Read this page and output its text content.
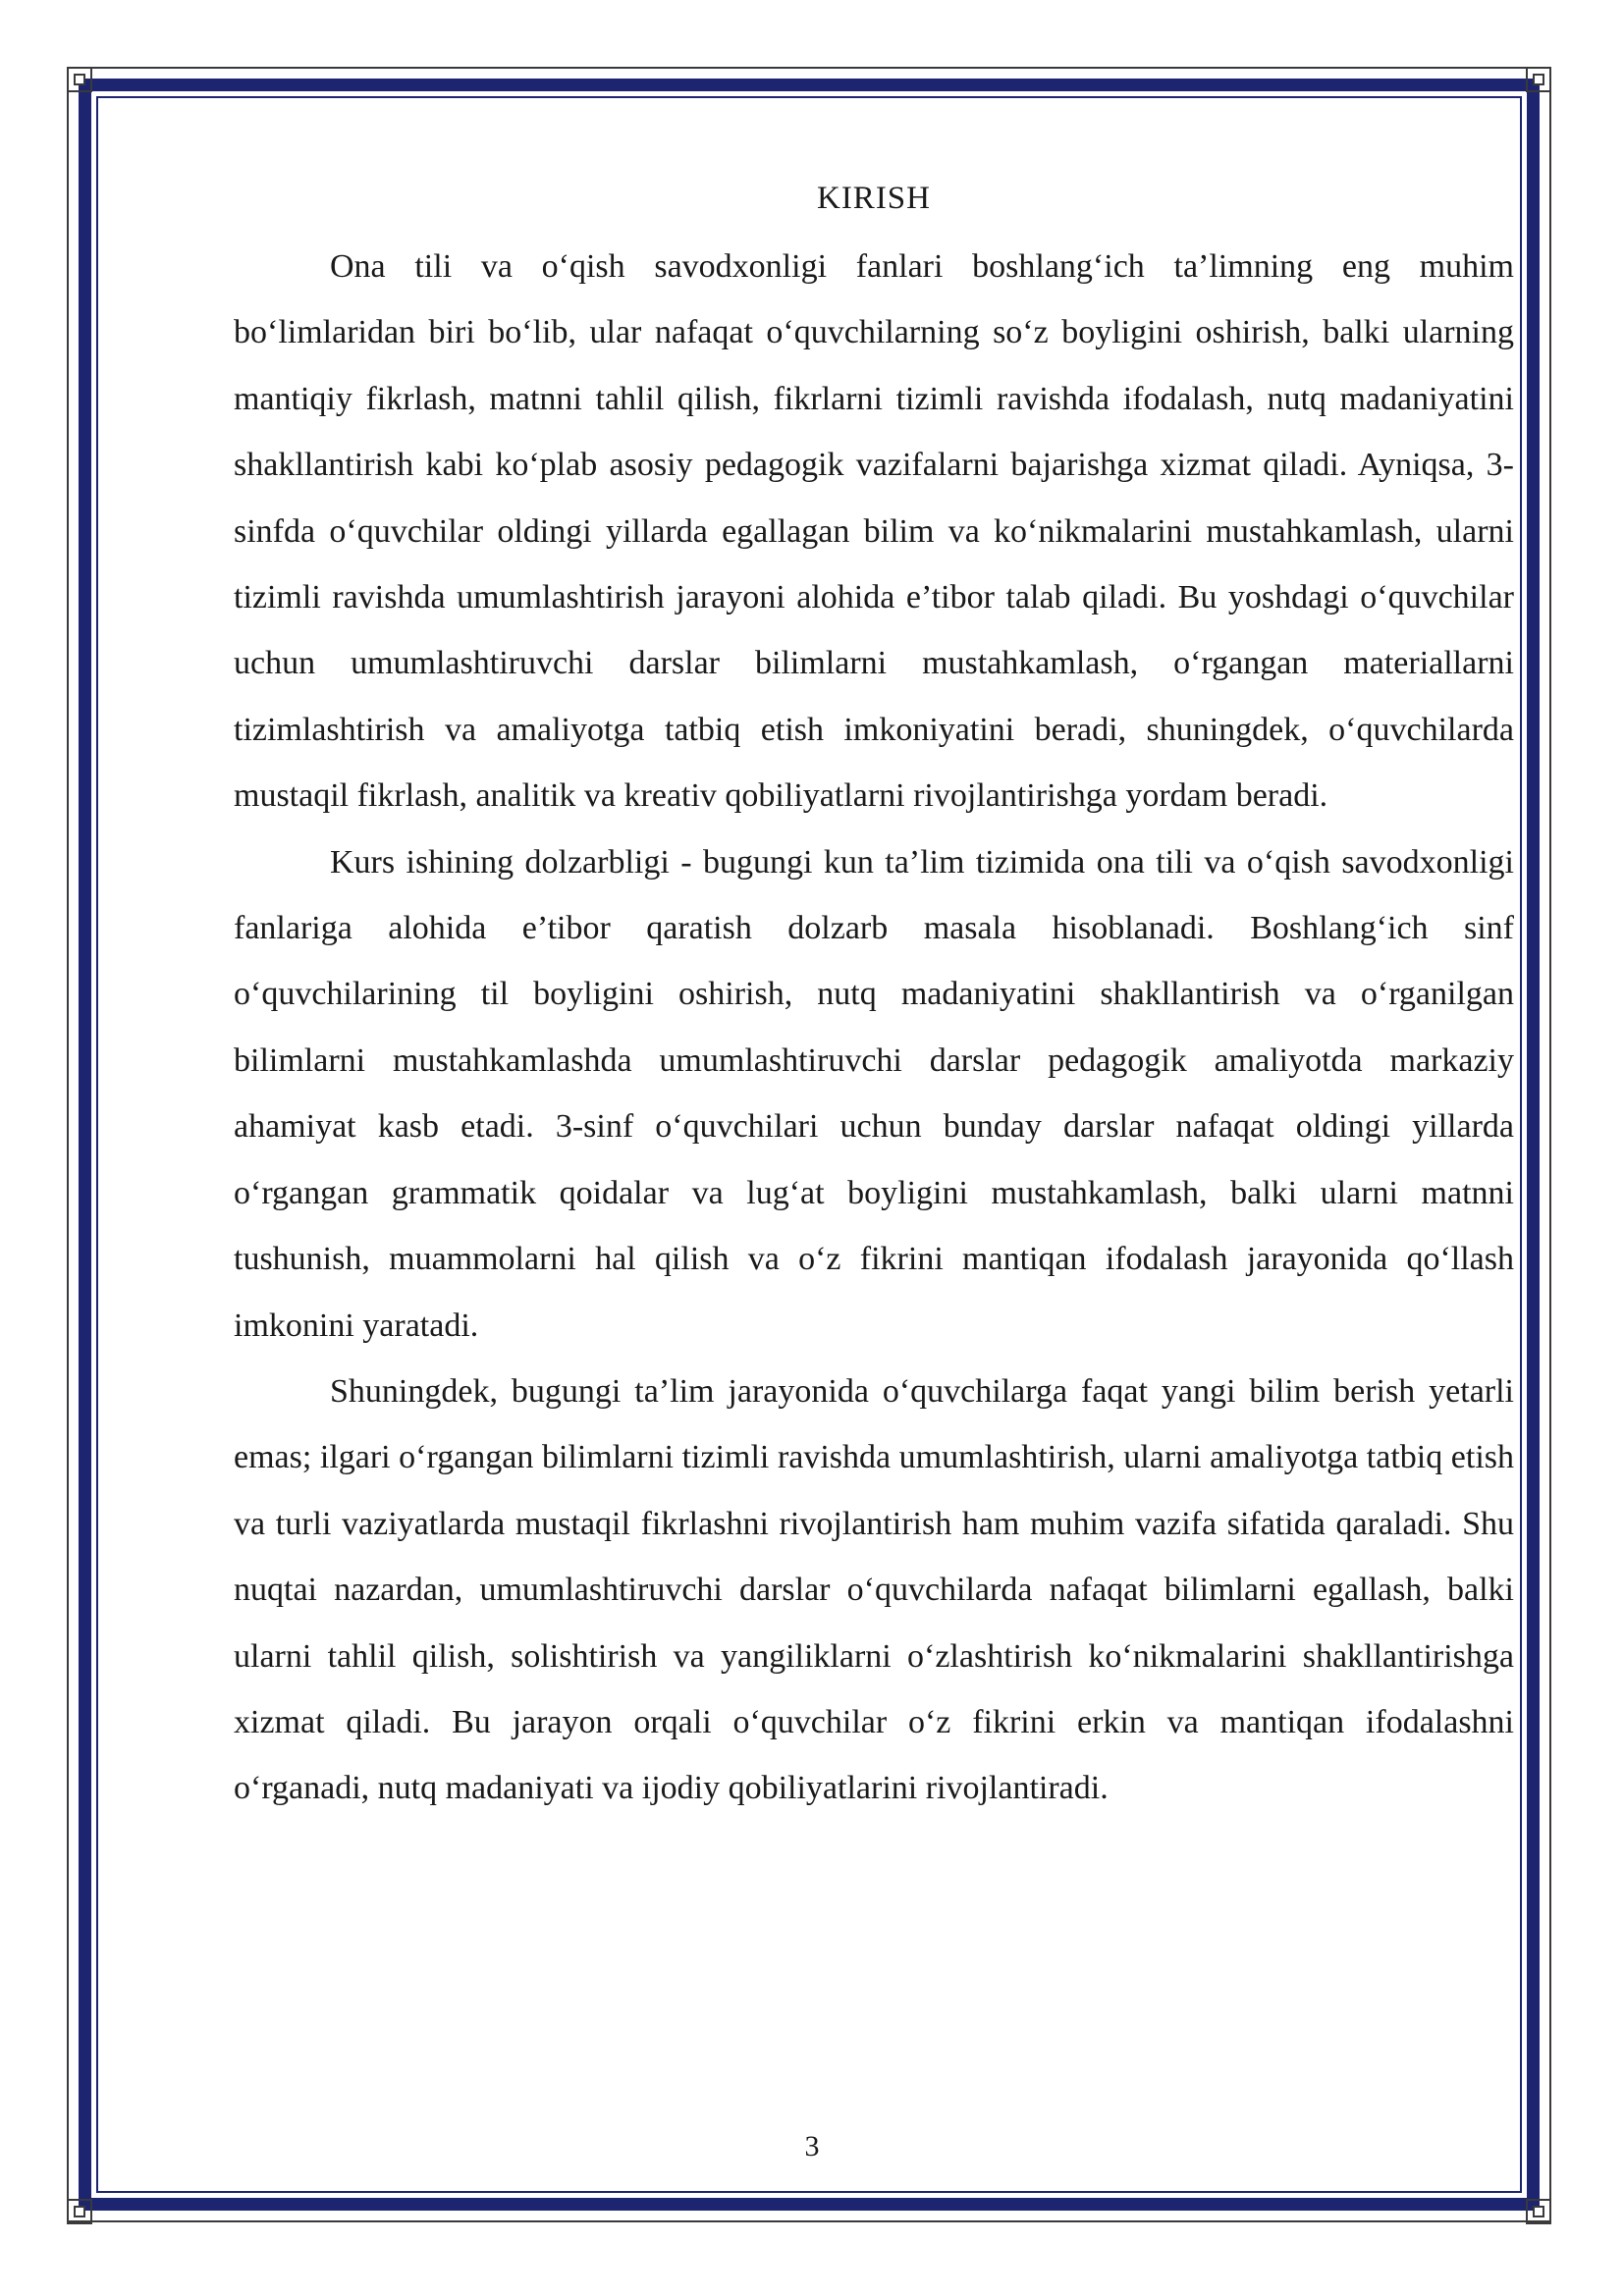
KIRISH

Ona tili va o‘qish savodxonligi fanlari boshlang‘ich ta’limning eng muhim bo‘limlaridan biri bo‘lib, ular nafaqat o‘quvchilarning so‘z boyligini oshirish, balki ularning mantiqiy fikrlash, matnni tahlil qilish, fikrlarni tizimli ravishda ifodalash, nutq madaniyatini shakllantirish kabi ko‘plab asosiy pedagogik vazifalarni bajarishga xizmat qiladi. Ayniqsa, 3-sinfda o‘quvchilar oldingi yillarda egallagan bilim va ko‘nikmalarini mustahkamlash, ularni tizimli ravishda umumlashtirish jarayoni alohida e’tibor talab qiladi. Bu yoshdagi o‘quvchilar uchun umumlashtiruvchi darslar bilimlarni mustahkamlash, o‘rgangan materiallarni tizimlashtirish va amaliyotga tatbiq etish imkoniyatini beradi, shuningdek, o‘quvchilarda mustaqil fikrlash, analitik va kreativ qobiliyatlarni rivojlantirishga yordam beradi.

Kurs ishining dolzarbligi - bugungi kun ta’lim tizimida ona tili va o‘qish savodxonligi fanlariga alohida e’tibor qaratish dolzarb masala hisoblanadi. Boshlang‘ich sinf o‘quvchilarining til boyligini oshirish, nutq madaniyatini shakllantirish va o‘rganilgan bilimlarni mustahkamlashda umumlashtiruvchi darslar pedagogik amaliyotda markaziy ahamiyat kasb etadi. 3-sinf o‘quvchilari uchun bunday darslar nafaqat oldingi yillarda o‘rgangan grammatik qoidalar va lug‘at boyligini mustahkamlash, balki ularni matnni tushunish, muammolarni hal qilish va o‘z fikrini mantiqan ifodalash jarayonida qo‘llash imkonini yaratadi.

Shuningdek, bugungi ta’lim jarayonida o‘quvchilarga faqat yangi bilim berish yetarli emas; ilgari o‘rgangan bilimlarni tizimli ravishda umumlashtirish, ularni amaliyotga tatbiq etish va turli vaziyatlarda mustaqil fikrlashni rivojlantirish ham muhim vazifa sifatida qaraladi. Shu nuqtai nazardan, umumlashtiruvchi darslar o‘quvchilarda nafaqat bilimlarni egallash, balki ularni tahlil qilish, solishtirish va yangiliklarni o‘zlashtirish ko‘nikmalarini shakllantirishga xizmat qiladi. Bu jarayon orqali o‘quvchilar o‘z fikrini erkin va mantiqan ifodalashni o‘rganadi, nutq madaniyati va ijodiy qobiliyatlarini rivojlantiradi.

3
